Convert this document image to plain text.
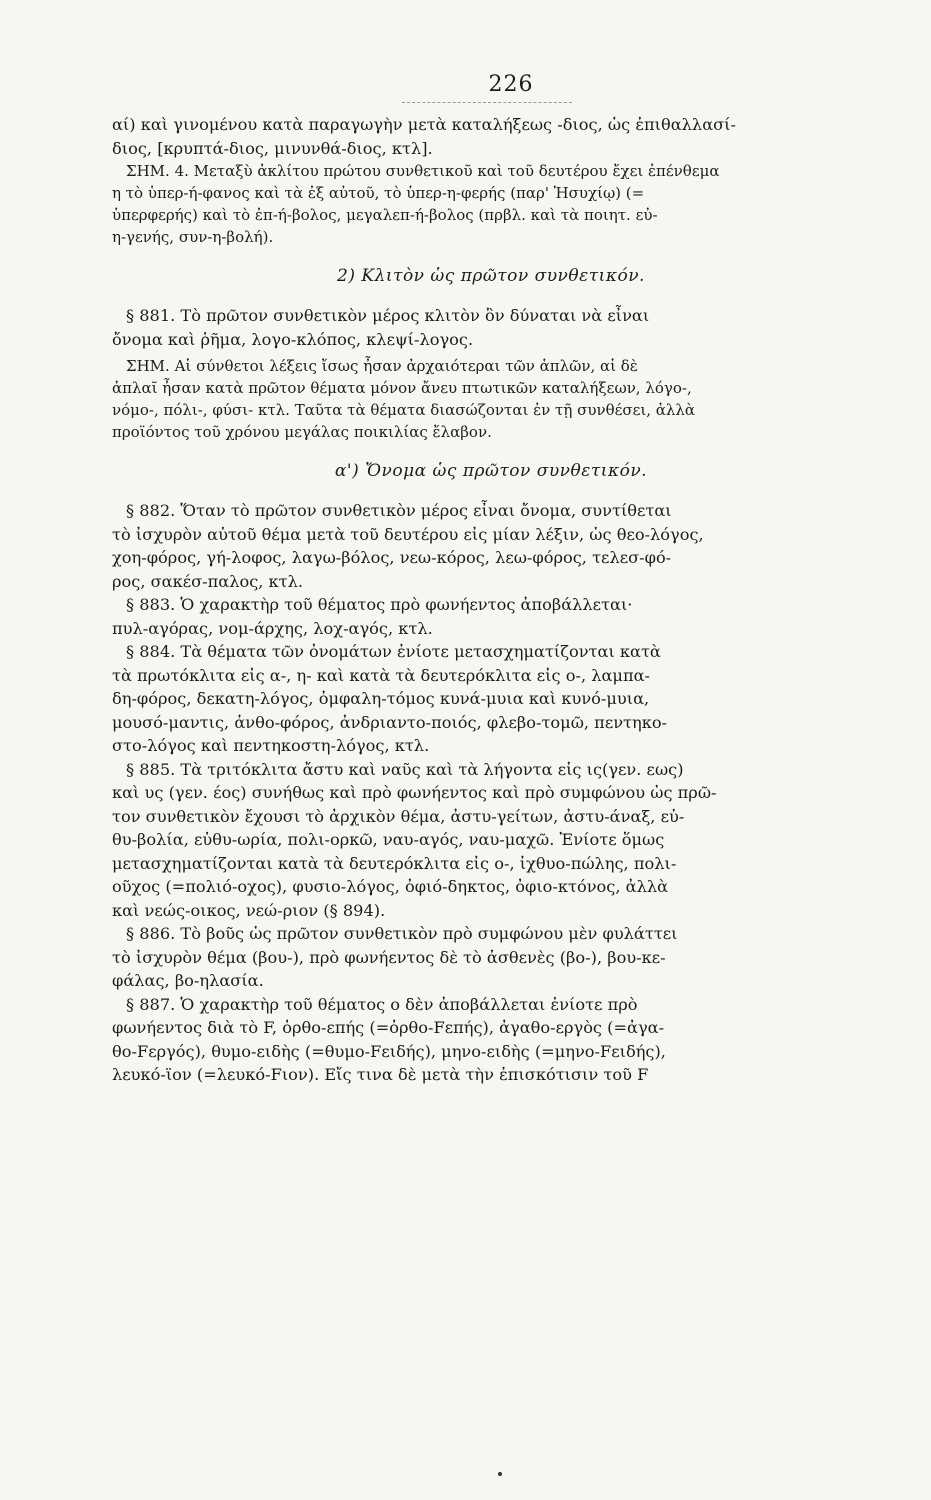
226

αί) καὶ γινομένου κατὰ παραγωγὴν μετὰ καταλήξεως -διος, ὡς ἐπιθαλλασί-

διος, [κρυπτά-διος, μινυνθά-διος, κτλ].

ΣΗΜ. 4. Μεταξὺ ἀκλίτου πρώτου συνθετικοῦ καὶ τοῦ δευτέρου ἔχει ἐπένθεμα

η τὸ ὑπερ-ή-φανος καὶ τὰ ἐξ αὐτοῦ, τὸ ὑπερ-η-φερής (παρ' Ἡσυχίῳ) (=

ὑπερφερής) καὶ τὸ ἐπ-ή-βολος, μεγαλεπ-ή-βολος (πρβλ. καὶ τὰ ποιητ. εὐ-

η-γενής, συν-η-βολή).

2) Κλιτὸν ὡς πρῶτον συνθετικόν.

§ 881. Τὸ πρῶτον συνθετικὸν μέρος κλιτὸν ὂν δύναται νὰ εἶναι

ὄνομα καὶ ῥῆμα, λογο-κλόπος, κλεψί-λογος.

ΣΗΜ. Αἱ σύνθετοι λέξεις ἴσως ἦσαν ἀρχαιότεραι τῶν ἁπλῶν, αἱ δὲ

ἁπλαῖ ἦσαν κατὰ πρῶτον θέματα μόνον ἄνευ πτωτικῶν καταλήξεων, λόγο-,

νόμο-, πόλι-, φύσι- κτλ. Ταῦτα τὰ θέματα διασώζονται ἐν τῇ συνθέσει, ἀλλὰ

προϊόντος τοῦ χρόνου μεγάλας ποικιλίας ἔλαβον.

α') Ὄνομα ὡς πρῶτον συνθετικόν.

§ 882. Ὅταν τὸ πρῶτον συνθετικὸν μέρος εἶναι ὄνομα, συντίθεται

τὸ ἰσχυρὸν αὐτοῦ θέμα μετὰ τοῦ δευτέρου εἰς μίαν λέξιν, ὡς θεο-λόγος,

χοη-φόρος, γή-λοφος, λαγω-βόλος, νεω-κόρος, λεω-φόρος, τελεσ-φό-

ρος, σακέσ-παλος, κτλ.

§ 883. Ὁ χαρακτὴρ τοῦ θέματος πρὸ φωνήεντος ἀποβάλλεται·

πυλ-αγόρας, νομ-άρχης, λοχ-αγός, κτλ.

§ 884. Τὰ θέματα τῶν ὀνομάτων ἐνίοτε μετασχηματίζονται κατὰ

τὰ πρωτόκλιτα εἰς α-, η- καὶ κατὰ τὰ δευτερόκλιτα εἰς ο-, λαμπα-

δη-φόρος, δεκατη-λόγος, ὀμφαλη-τόμος κυνά-μυια καὶ κυνό-μυια,

μουσό-μαντις, ἀνθο-φόρος, ἀνδριαντο-ποιός, φλεβο-τομῶ, πεντηκο-

στο-λόγος καὶ πεντηκοστη-λόγος, κτλ.

§ 885. Τὰ τριτόκλιτα ἄστυ καὶ ναῦς καὶ τὰ λήγοντα εἰς ις(γεν. εως)

καὶ υς (γεν. έος) συνήθως καὶ πρὸ φωνήεντος καὶ πρὸ συμφώνου ὡς πρῶ-

τον συνθετικὸν ἔχουσι τὸ ἀρχικὸν θέμα, ἀστυ-γείτων, ἀστυ-άναξ, εὐ-

θυ-βολία, εὐθυ-ωρία, πολι-ορκῶ, ναυ-αγός, ναυ-μαχῶ. Ἐνίοτε ὅμως

μετασχηματίζονται κατὰ τὰ δευτερόκλιτα εἰς ο-, ἰχθυο-πώλης, πολι-

οῦχος (=πολιό-οχος), φυσιο-λόγος, ὀφιό-δηκτος, ὀφιο-κτόνος, ἀλλὰ

καὶ νεώς-οικος, νεώ-ριον (§ 894).

§ 886. Τὸ βοῦς ὡς πρῶτον συνθετικὸν πρὸ συμφώνου μὲν φυλάττει

τὸ ἰσχυρὸν θέμα (βου-), πρὸ φωνήεντος δὲ τὸ ἀσθενὲς (βο-), βου-κε-

φάλας, βο-ηλασία.

§ 887. Ὁ χαρακτὴρ τοῦ θέματος ο δὲν ἀποβάλλεται ἐνίοτε πρὸ

φωνήεντος διὰ τὸ F, ὀρθο-επής (=ὀρθο-Fεπής), ἀγαθο-εργὸς (=ἀγα-

θο-Fεργός), θυμο-ειδὴς (=θυμο-Fειδής), μηνο-ειδὴς (=μηνο-Fειδής),

λευκό-ϊον (=λευκό-Fιον). Εἴς τινα δὲ μετὰ τὴν ἐπισκότισιν τοῦ F
